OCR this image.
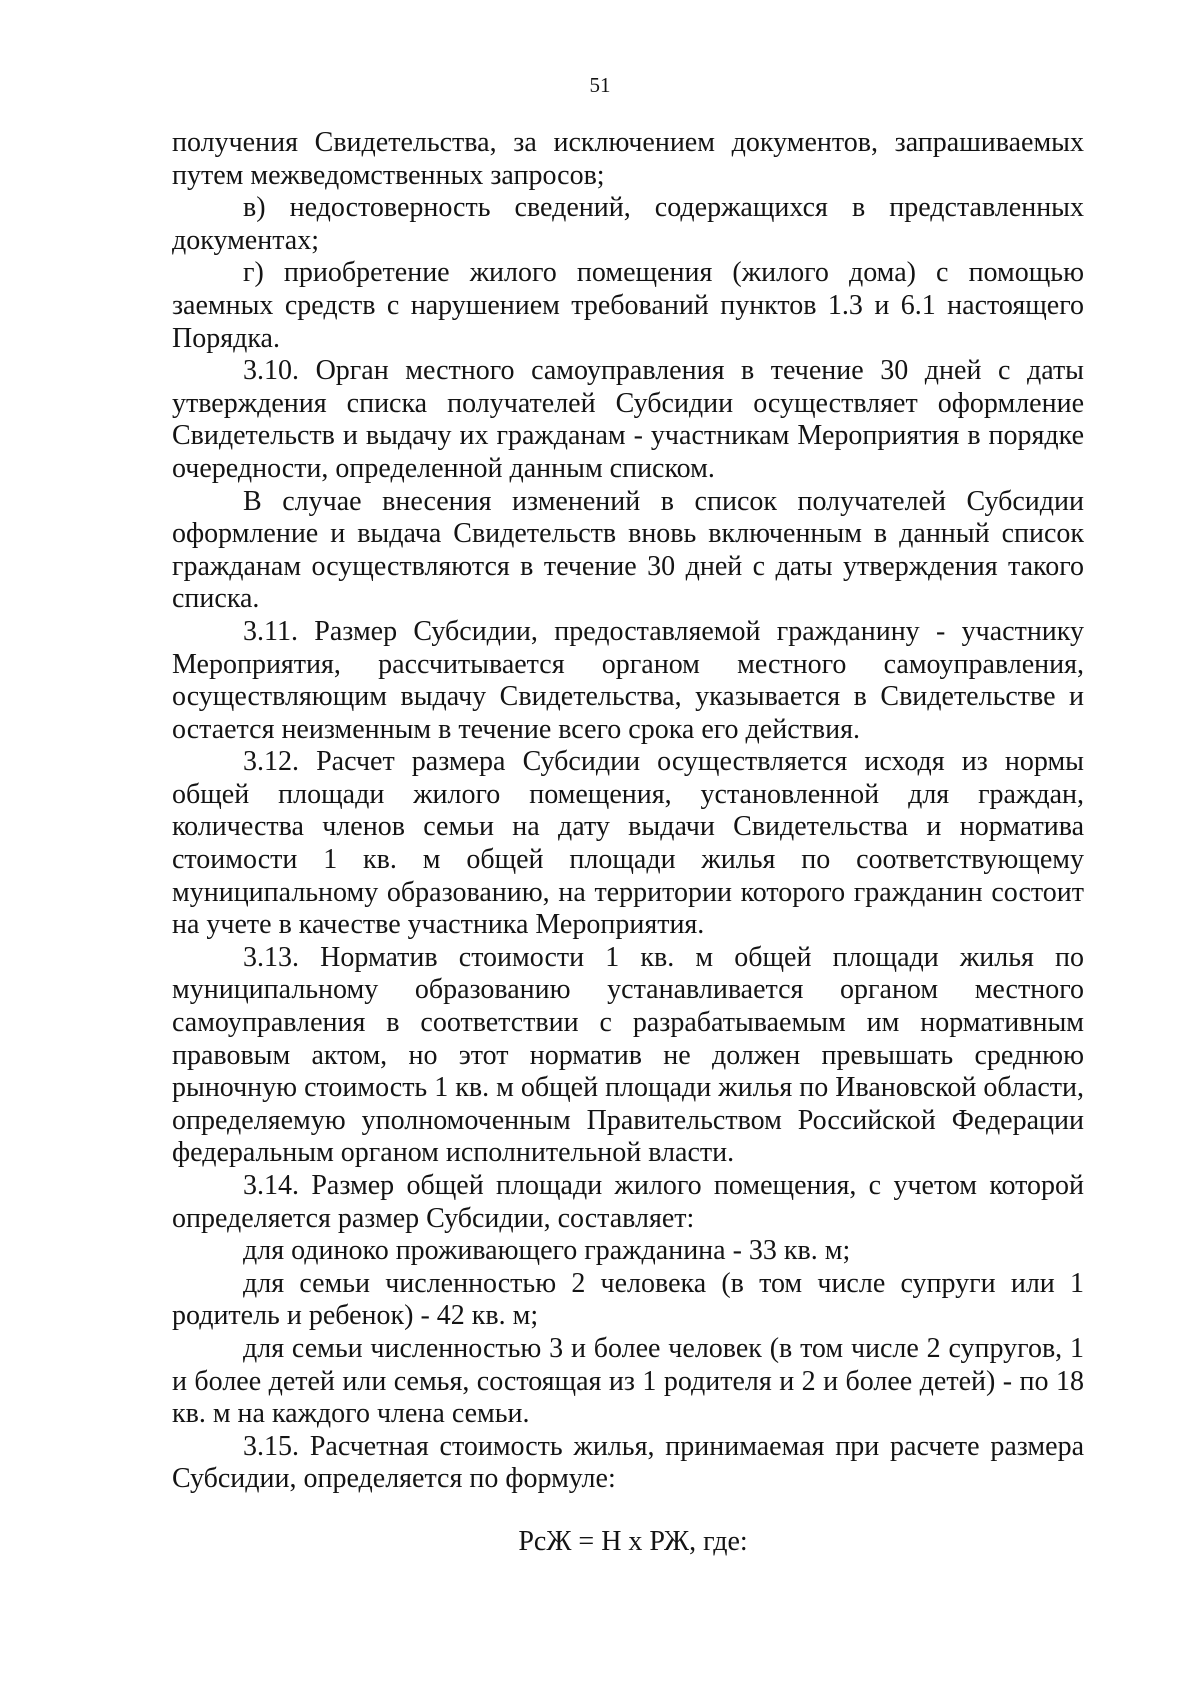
51

получения Свидетельства, за исключением документов, запрашиваемых путем межведомственных запросов;

в) недостоверность сведений, содержащихся в представленных документах;

г) приобретение жилого помещения (жилого дома) с помощью заемных средств с нарушением требований пунктов 1.3 и 6.1 настоящего Порядка.

3.10. Орган местного самоуправления в течение 30 дней с даты утверждения списка получателей Субсидии осуществляет оформление Свидетельств и выдачу их гражданам - участникам Мероприятия в порядке очередности, определенной данным списком.

В случае внесения изменений в список получателей Субсидии оформление и выдача Свидетельств вновь включенным в данный список гражданам осуществляются в течение 30 дней с даты утверждения такого списка.

3.11. Размер Субсидии, предоставляемой гражданину - участнику Мероприятия, рассчитывается органом местного самоуправления, осуществляющим выдачу Свидетельства, указывается в Свидетельстве и остается неизменным в течение всего срока его действия.

3.12. Расчет размера Субсидии осуществляется исходя из нормы общей площади жилого помещения, установленной для граждан, количества членов семьи на дату выдачи Свидетельства и норматива стоимости 1 кв. м общей площади жилья по соответствующему муниципальному образованию, на территории которого гражданин состоит на учете в качестве участника Мероприятия.

3.13. Норматив стоимости 1 кв. м общей площади жилья по муниципальному образованию устанавливается органом местного самоуправления в соответствии с разрабатываемым им нормативным правовым актом, но этот норматив не должен превышать среднюю рыночную стоимость 1 кв. м общей площади жилья по Ивановской области, определяемую уполномоченным Правительством Российской Федерации федеральным органом исполнительной власти.

3.14. Размер общей площади жилого помещения, с учетом которой определяется размер Субсидии, составляет:

для одиноко проживающего гражданина - 33 кв. м;

для семьи численностью 2 человека (в том числе супруги или 1 родитель и ребенок) - 42 кв. м;

для семьи численностью 3 и более человек (в том числе 2 супругов, 1 и более детей или семья, состоящая из 1 родителя и 2 и более детей) - по 18 кв. м на каждого члена семьи.

3.15. Расчетная стоимость жилья, принимаемая при расчете размера Субсидии, определяется по формуле:

РсЖ = Н х РЖ, где:
